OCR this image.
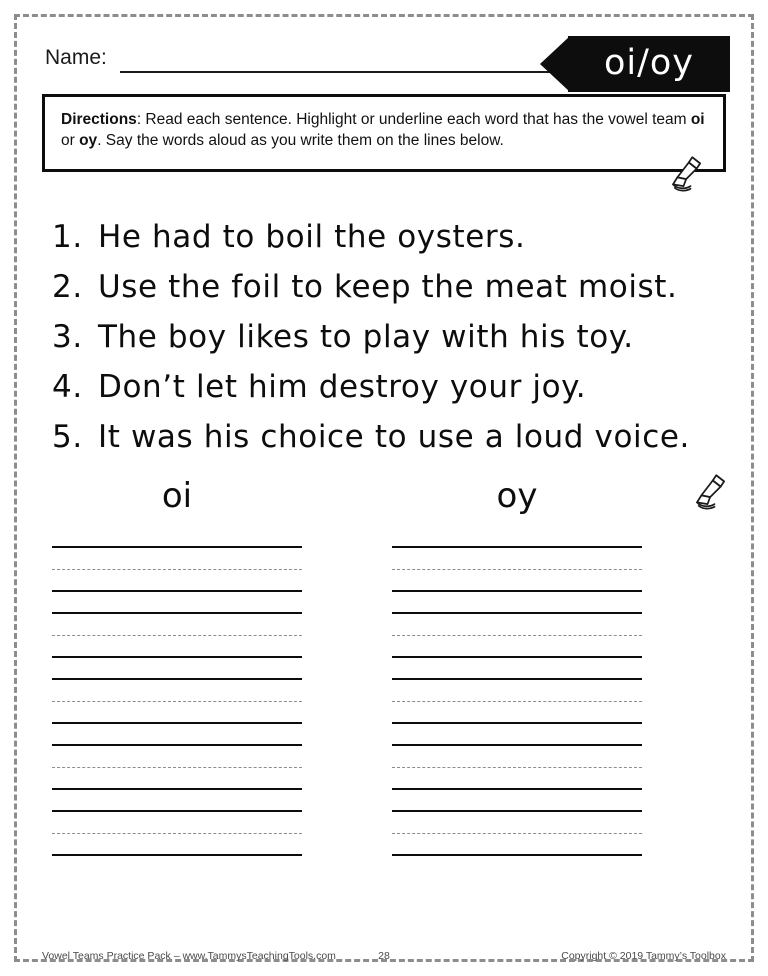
Name:	oi/oy

Directions: Read each sentence. Highlight or underline each word that has the vowel team oi or oy. Say the words aloud as you write them on the lines below.

1. He had to boil the oysters.
2. Use the foil to keep the meat moist.
3. The boy likes to play with his toy.
4. Don’t let him destroy your joy.
5. It was his choice to use a loud voice.
oi	oy
Vowel Teams Practice Pack – www.TammysTeachingTools.com	28	Copyright © 2019 Tammy’s Toolbox
